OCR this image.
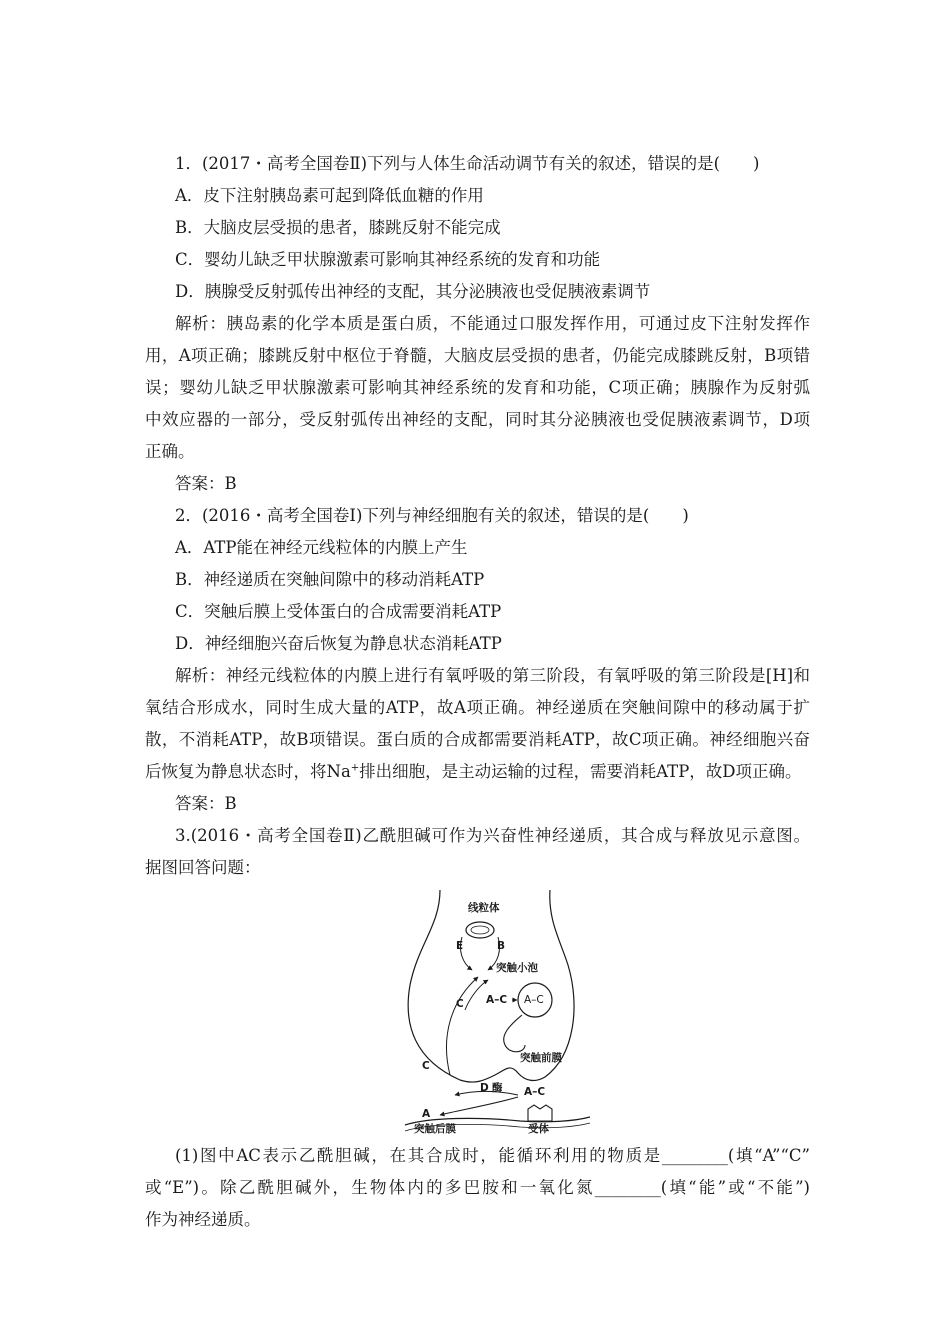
1．(2017・高考全国卷Ⅱ)下列与人体生命活动调节有关的叙述，错误的是(　　)
A．皮下注射胰岛素可起到降低血糖的作用
B．大脑皮层受损的患者，膝跳反射不能完成
C．婴幼儿缺乏甲状腺激素可影响其神经系统的发育和功能
D．胰腺受反射弧传出神经的支配，其分泌胰液也受促胰液素调节
解析：胰岛素的化学本质是蛋白质，不能通过口服发挥作用，可通过皮下注射发挥作
用，A项正确；膝跳反射中枢位于脊髓，大脑皮层受损的患者，仍能完成膝跳反射，B项错
误；婴幼儿缺乏甲状腺激素可影响其神经系统的发育和功能，C项正确；胰腺作为反射弧
中效应器的一部分，受反射弧传出神经的支配，同时其分泌胰液也受促胰液素调节，D项
正确。
答案：B
2．(2016・高考全国卷Ⅰ)下列与神经细胞有关的叙述，错误的是(　　)
A．ATP能在神经元线粒体的内膜上产生
B．神经递质在突触间隙中的移动消耗ATP
C．突触后膜上受体蛋白的合成需要消耗ATP
D．神经细胞兴奋后恢复为静息状态消耗ATP
解析：神经元线粒体的内膜上进行有氧呼吸的第三阶段，有氧呼吸的第三阶段是[H]和
氧结合形成水，同时生成大量的ATP，故A项正确。神经递质在突触间隙中的移动属于扩
散，不消耗ATP，故B项错误。蛋白质的合成都需要消耗ATP，故C项正确。神经细胞兴奋
后恢复为静息状态时，将Na+排出细胞，是主动运输的过程，需要消耗ATP，故D项正确。
答案：B
3.(2016・高考全国卷Ⅱ)乙酰胆碱可作为兴奋性神经递质，其合成与释放见示意图。
据图回答问题：
线粒体
E	B
突触小泡
A–C A–C
C
C
突触前膜
D 酶 A–C
A
突触后膜	受体
(1)图中AC表示乙酰胆碱，在其合成时，能循环利用的物质是________(填“A”“C”
或“E”)。除乙酰胆碱外，生物体内的多巴胺和一氧化氮________(填“能”或“不能”)
作为神经递质。
